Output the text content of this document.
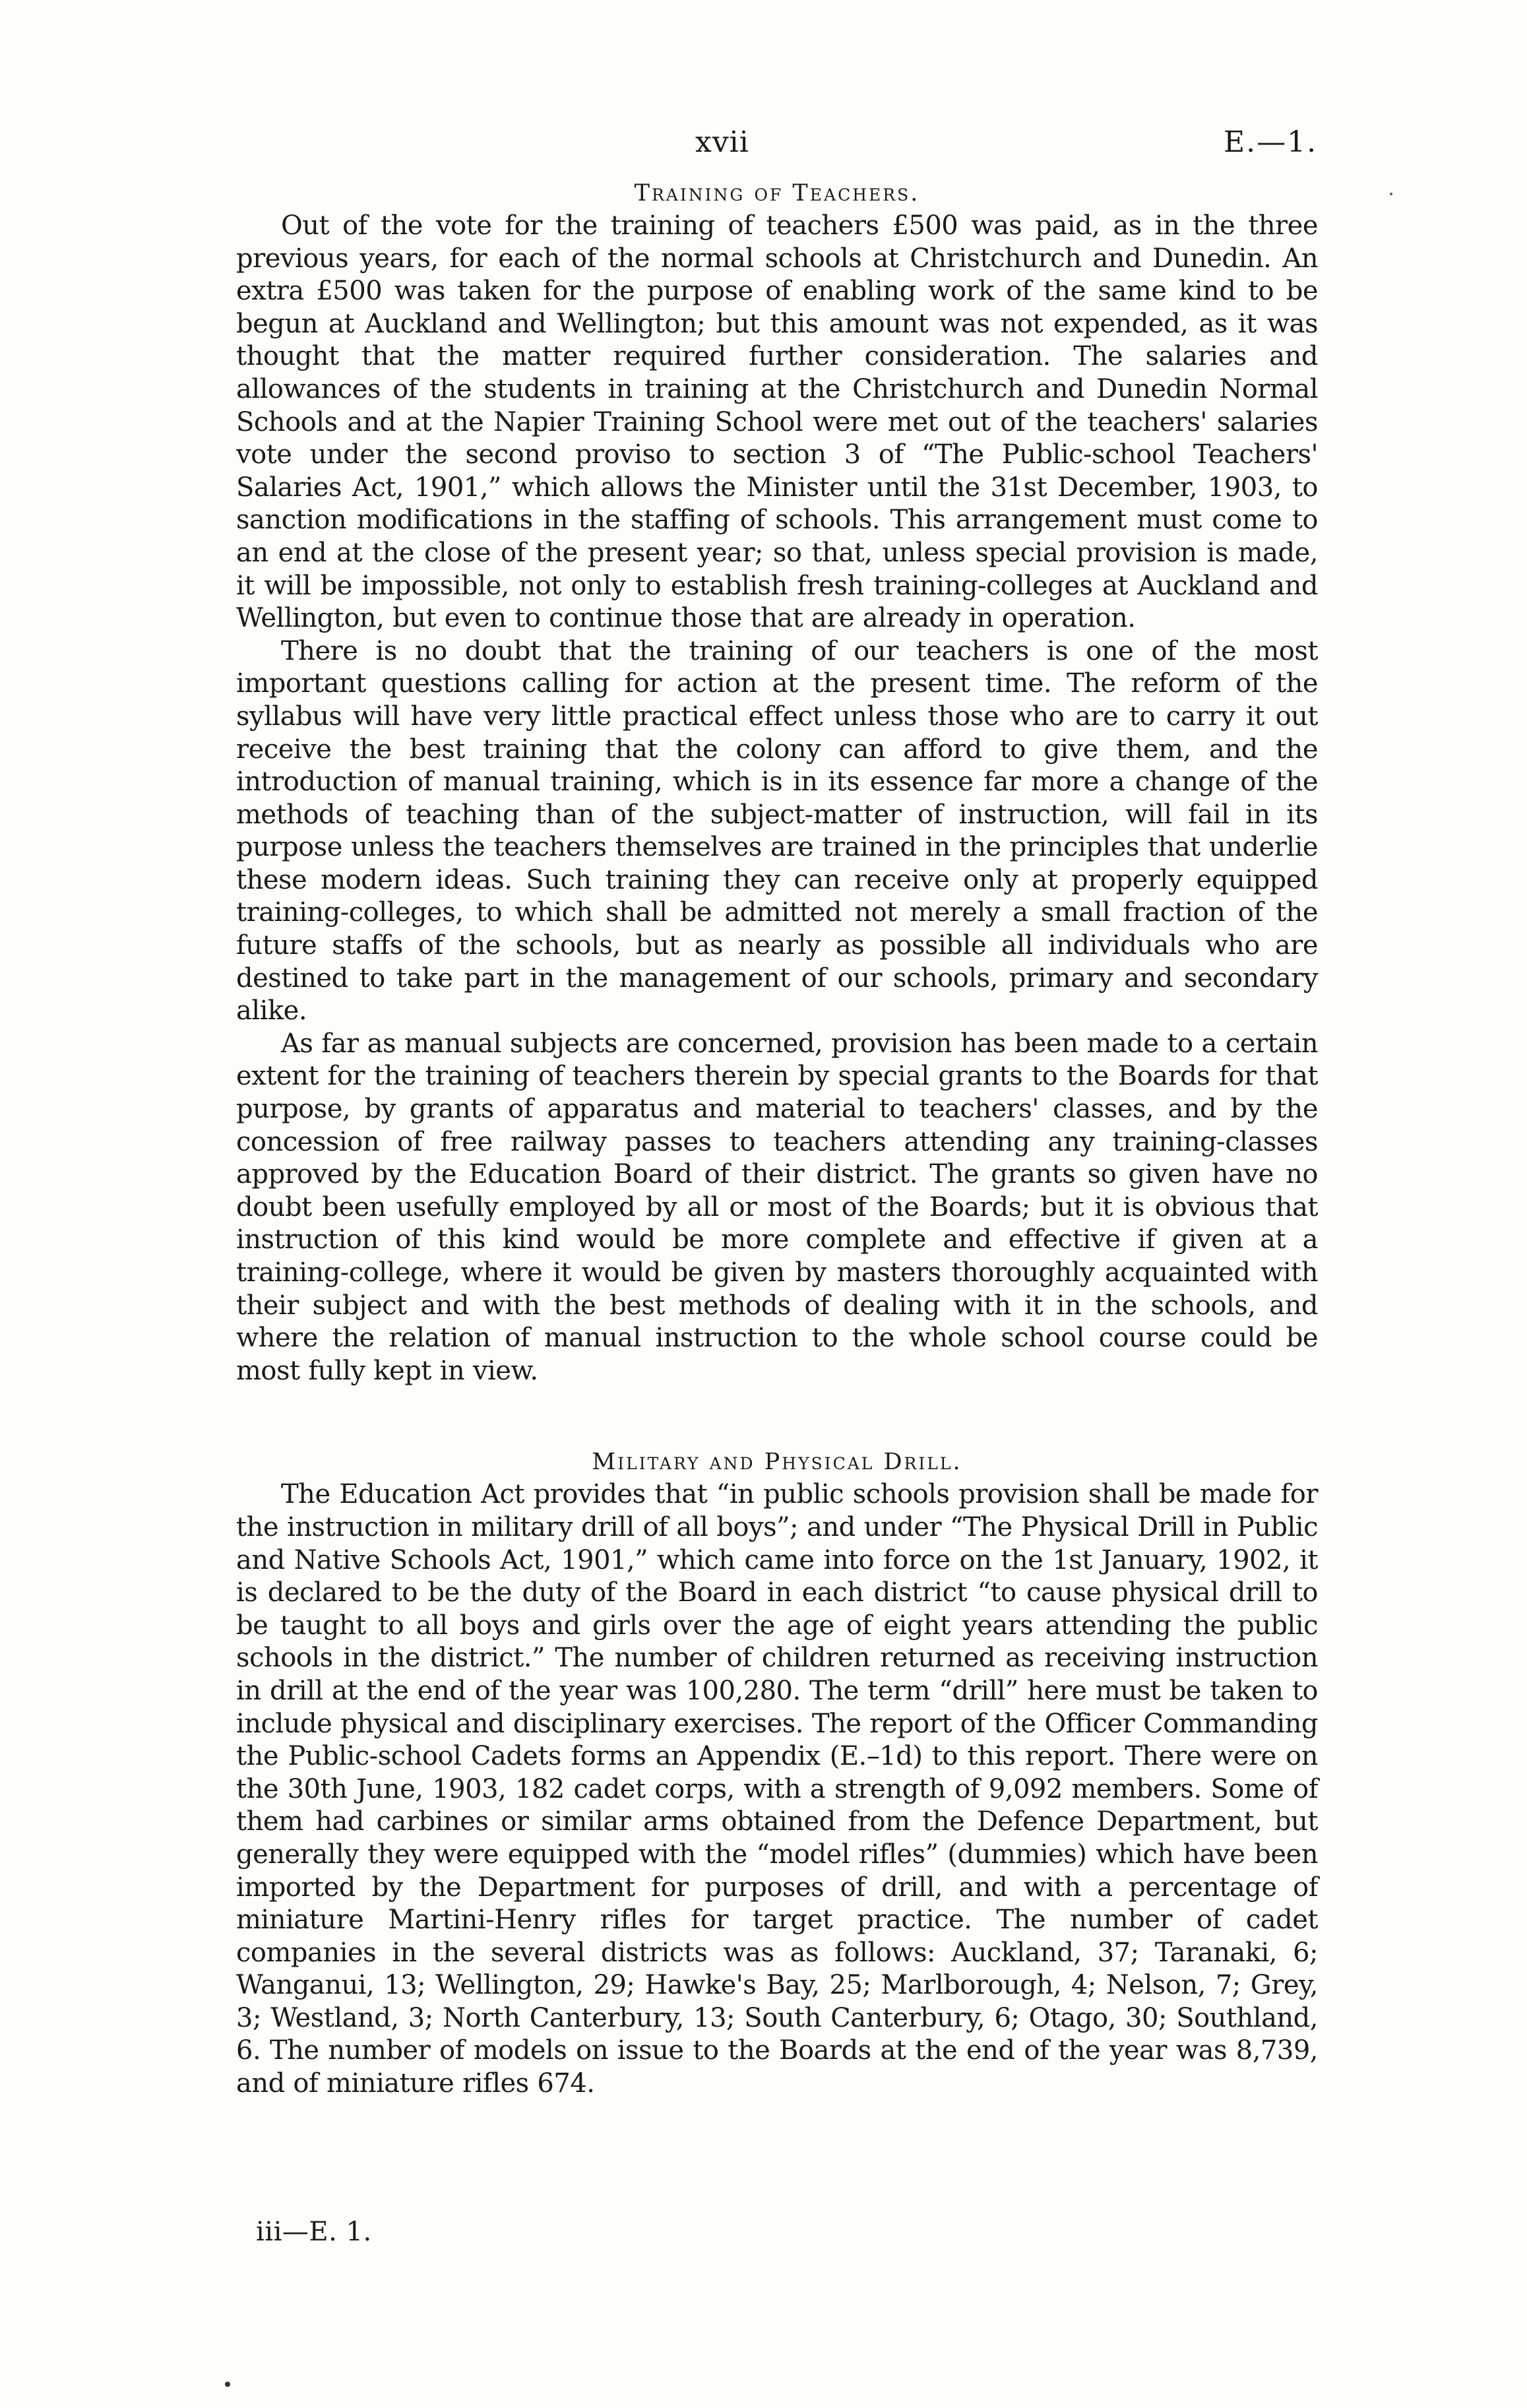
xvii	E.—1.
Training of Teachers.

Out of the vote for the training of teachers £500 was paid, as in the three previous years, for each of the normal schools at Christchurch and Dunedin. An extra £500 was taken for the purpose of enabling work of the same kind to be begun at Auckland and Wellington; but this amount was not expended, as it was thought that the matter required further consideration. The salaries and allowances of the students in training at the Christchurch and Dunedin Normal Schools and at the Napier Training School were met out of the teachers' salaries vote under the second proviso to section 3 of “The Public-school Teachers' Salaries Act, 1901,” which allows the Minister until the 31st December, 1903, to sanction modifications in the staffing of schools. This arrangement must come to an end at the close of the present year; so that, unless special provision is made, it will be impossible, not only to establish fresh training-colleges at Auckland and Wellington, but even to continue those that are already in operation.

There is no doubt that the training of our teachers is one of the most important questions calling for action at the present time. The reform of the syllabus will have very little practical effect unless those who are to carry it out receive the best training that the colony can afford to give them, and the introduction of manual training, which is in its essence far more a change of the methods of teaching than of the subject-matter of instruction, will fail in its purpose unless the teachers themselves are trained in the principles that underlie these modern ideas. Such training they can receive only at properly equipped training-colleges, to which shall be admitted not merely a small fraction of the future staffs of the schools, but as nearly as possible all individuals who are destined to take part in the management of our schools, primary and secondary alike.

As far as manual subjects are concerned, provision has been made to a certain extent for the training of teachers therein by special grants to the Boards for that purpose, by grants of apparatus and material to teachers' classes, and by the concession of free railway passes to teachers attending any training-classes approved by the Education Board of their district. The grants so given have no doubt been usefully employed by all or most of the Boards; but it is obvious that instruction of this kind would be more complete and effective if given at a training-college, where it would be given by masters thoroughly acquainted with their subject and with the best methods of dealing with it in the schools, and where the relation of manual instruction to the whole school course could be most fully kept in view.

Military and Physical Drill.

The Education Act provides that “in public schools provision shall be made for the instruction in military drill of all boys”; and under “The Physical Drill in Public and Native Schools Act, 1901,” which came into force on the 1st January, 1902, it is declared to be the duty of the Board in each district “to cause physical drill to be taught to all boys and girls over the age of eight years attending the public schools in the district.” The number of children returned as receiving instruction in drill at the end of the year was 100,280. The term “drill” here must be taken to include physical and disciplinary exercises. The report of the Officer Commanding the Public-school Cadets forms an Appendix (E.–1d) to this report. There were on the 30th June, 1903, 182 cadet corps, with a strength of 9,092 members. Some of them had carbines or similar arms obtained from the Defence Department, but generally they were equipped with the “model rifles” (dummies) which have been imported by the Department for purposes of drill, and with a percentage of miniature Martini-Henry rifles for target practice. The number of cadet companies in the several districts was as follows: Auckland, 37; Taranaki, 6; Wanganui, 13; Wellington, 29; Hawke's Bay, 25; Marlborough, 4; Nelson, 7; Grey, 3; Westland, 3; North Canterbury, 13; South Canterbury, 6; Otago, 30; Southland, 6. The number of models on issue to the Boards at the end of the year was 8,739, and of miniature rifles 674.

iii—E. 1.
